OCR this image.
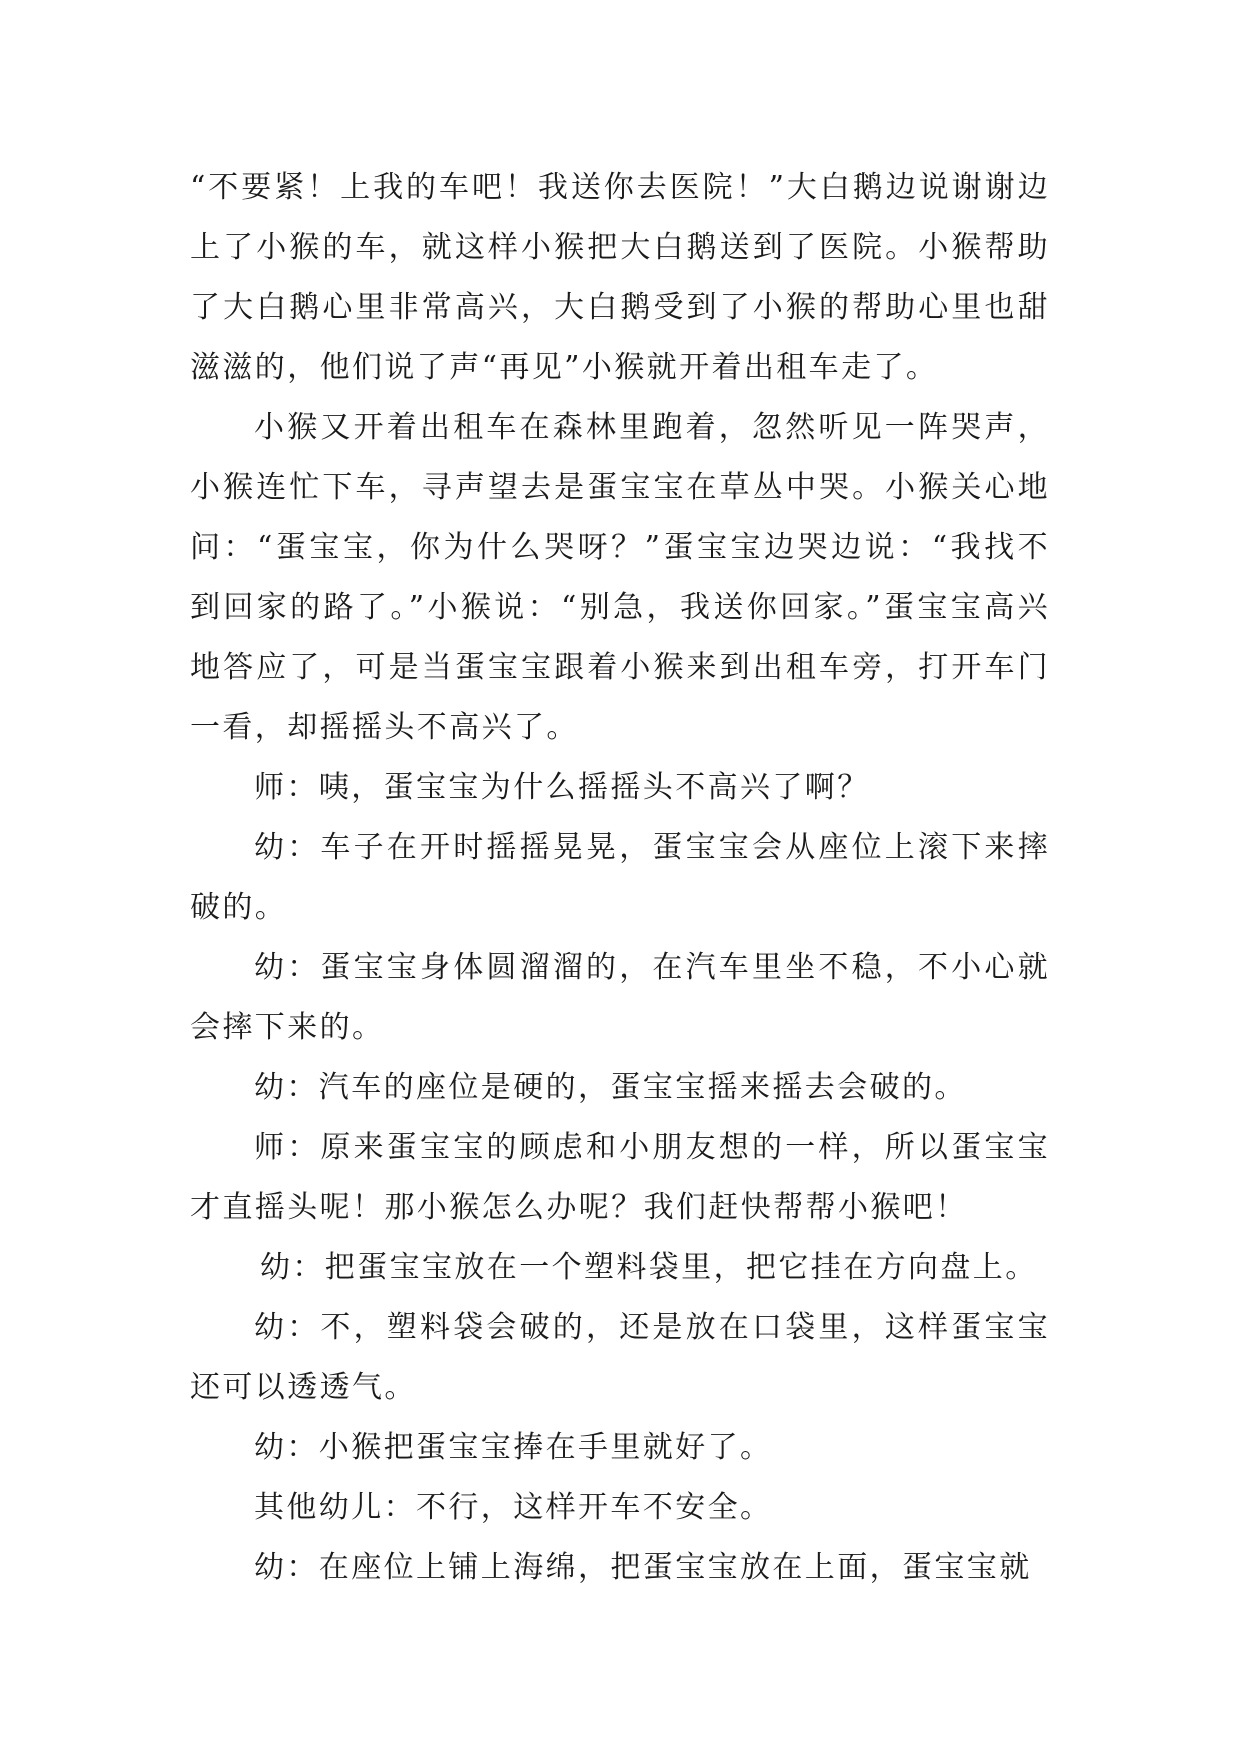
“不要紧！上我的车吧！我送你去医院！”大白鹅边说谢谢边上了小猴的车，就这样小猴把大白鹅送到了医院。小猴帮助了大白鹅心里非常高兴，大白鹅受到了小猴的帮助心里也甜滋滋的，他们说了声“再见”小猴就开着出租车走了。

小猴又开着出租车在森林里跑着，忽然听见一阵哭声，小猴连忙下车，寻声望去是蛋宝宝在草丛中哭。小猴关心地问：“蛋宝宝，你为什么哭呀？”蛋宝宝边哭边说：“我找不到回家的路了。”小猴说：“别急，我送你回家。”蛋宝宝高兴地答应了，可是当蛋宝宝跟着小猴来到出租车旁，打开车门一看，却摇摇头不高兴了。

师：咦，蛋宝宝为什么摇摇头不高兴了啊？

幼：车子在开时摇摇晃晃，蛋宝宝会从座位上滚下来摔破的。

幼：蛋宝宝身体圆溜溜的，在汽车里坐不稳，不小心就会摔下来的。

幼：汽车的座位是硬的，蛋宝宝摇来摇去会破的。

师：原来蛋宝宝的顾虑和小朋友想的一样，所以蛋宝宝才直摇头呢！那小猴怎么办呢？我们赶快帮帮小猴吧！

幼：把蛋宝宝放在一个塑料袋里，把它挂在方向盘上。

幼：不，塑料袋会破的，还是放在口袋里，这样蛋宝宝还可以透透气。

幼：小猴把蛋宝宝捧在手里就好了。

其他幼儿：不行，这样开车不安全。

幼：在座位上铺上海绵，把蛋宝宝放在上面，蛋宝宝就
